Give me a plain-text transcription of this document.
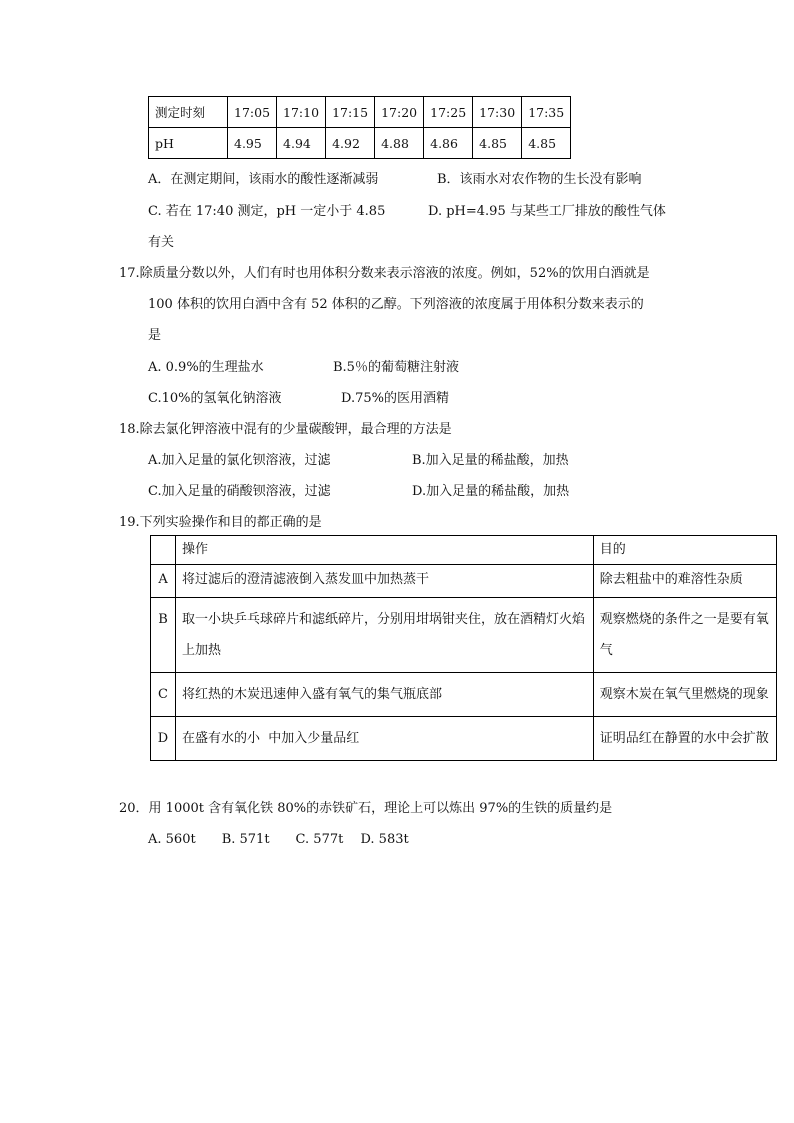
测定时刻	17:05	17:10	17:15	17:20	17:25	17:30	17:35
pH	4.95	4.94	4.92	4.88	4.86	4.85	4.85
A．在测定期间，该雨水的酸性逐渐减弱	B．该雨水对农作物的生长没有影响
C. 若在 17:40 测定，pH 一定小于 4.85	D. pH=4.95 与某些工厂排放的酸性气体
有关
17.除质量分数以外，人们有时也用体积分数来表示溶液的浓度。例如，52%的饮用白酒就是
100 体积的饮用白酒中含有 52 体积的乙醇。下列溶液的浓度属于用体积分数来表示的
是
A. 0.9%的生理盐水	B.5％的葡萄糖注射液
C.10%的氢氧化钠溶液	D.75%的医用酒精
18.除去氯化钾溶液中混有的少量碳酸钾，最合理的方法是
A.加入足量的氯化钡溶液，过滤	B.加入足量的稀盐酸，加热
C.加入足量的硝酸钡溶液，过滤	D.加入足量的稀盐酸，加热
19.下列实验操作和目的都正确的是
	操作	目的
A	将过滤后的澄清滤液倒入蒸发皿中加热蒸干	除去粗盐中的难溶性杂质
B	取一小块乒乓球碎片和滤纸碎片，分别用坩埚钳夹住，放在酒精灯火焰上加热	观察燃烧的条件之一是要有氧气
C	将红热的木炭迅速伸入盛有氧气的集气瓶底部	观察木炭在氧气里燃烧的现象
D	在盛有水的小  中加入少量品红	证明品红在静置的水中会扩散
20．用 1000t 含有氧化铁 80%的赤铁矿石，理论上可以炼出 97%的生铁的质量约是
A. 560t　　B. 571t　　C. 577t　 D. 583t
